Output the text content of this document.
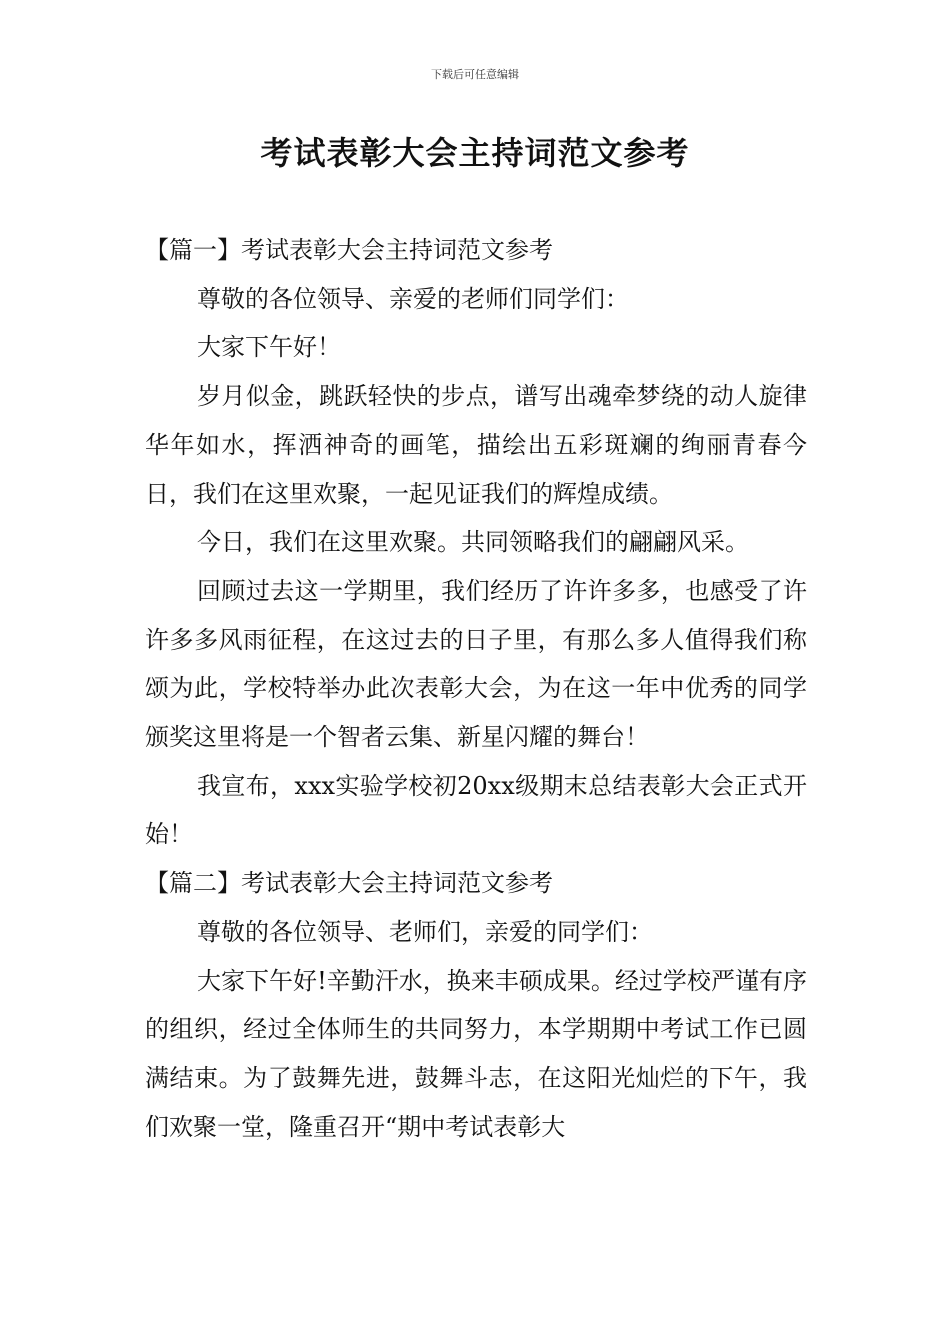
下载后可任意编辑
考试表彰大会主持词范文参考

【篇一】考试表彰大会主持词范文参考

尊敬的各位领导、亲爱的老师们同学们：

大家下午好！

岁月似金，跳跃轻快的步点，谱写出魂牵梦绕的动人旋律华年如水，挥洒神奇的画笔，描绘出五彩斑斓的绚丽青春今日，我们在这里欢聚，一起见证我们的辉煌成绩。

今日，我们在这里欢聚。共同领略我们的翩翩风采。

回顾过去这一学期里，我们经历了许许多多，也感受了许许多多风雨征程，在这过去的日子里，有那么多人值得我们称颂为此，学校特举办此次表彰大会，为在这一年中优秀的同学颁奖这里将是一个智者云集、新星闪耀的舞台！

我宣布，xxx实验学校初20xx级期末总结表彰大会正式开始！

【篇二】考试表彰大会主持词范文参考

尊敬的各位领导、老师们，亲爱的同学们：

大家下午好!辛勤汗水，换来丰硕成果。经过学校严谨有序的组织，经过全体师生的共同努力，本学期期中考试工作已圆满结束。为了鼓舞先进，鼓舞斗志，在这阳光灿烂的下午，我们欢聚一堂，隆重召开“期中考试表彰大
